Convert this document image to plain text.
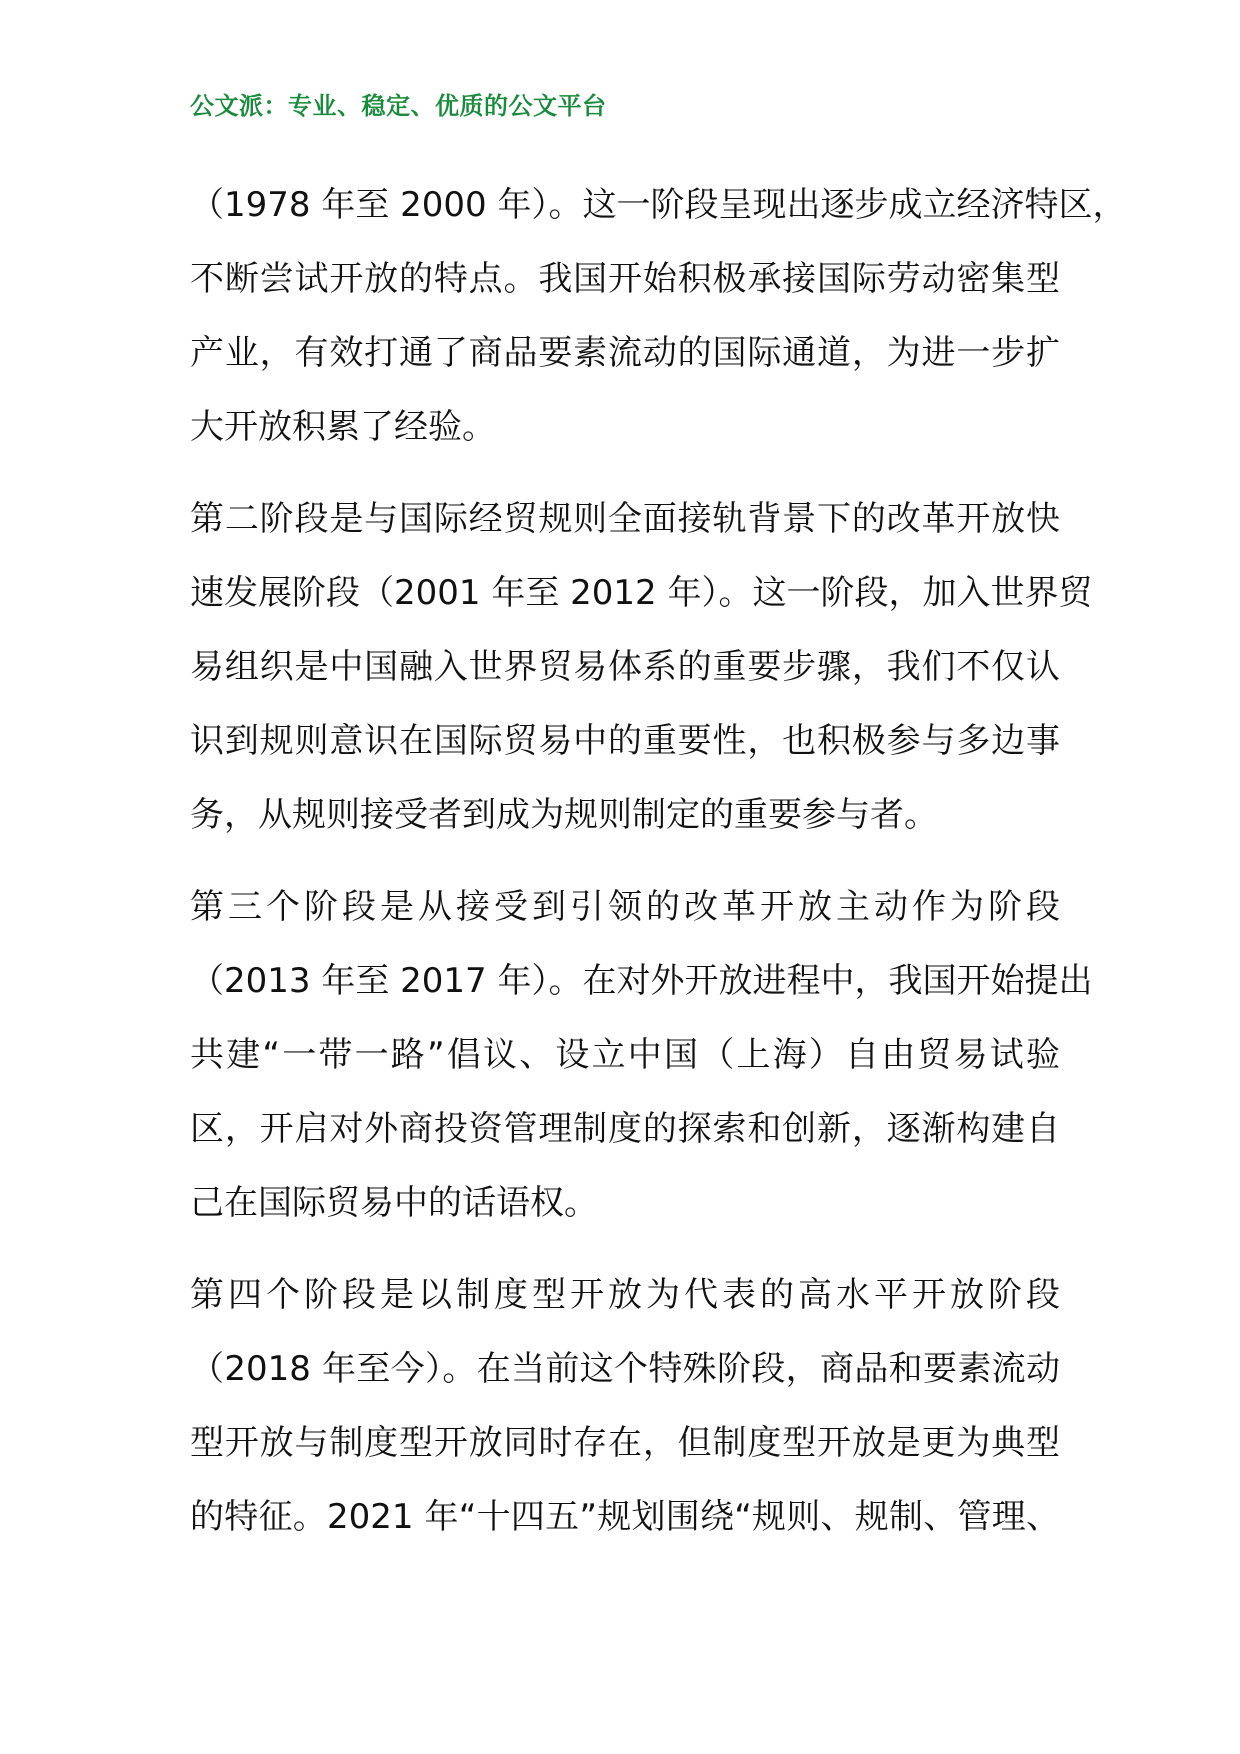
公文派：专业、稳定、优质的公文平台
（1978 年至 2000 年）。这一阶段呈现出逐步成立经济特区，
不断尝试开放的特点。我国开始积极承接国际劳动密集型
产业，有效打通了商品要素流动的国际通道，为进一步扩
大开放积累了经验。
第二阶段是与国际经贸规则全面接轨背景下的改革开放快
速发展阶段（2001 年至 2012 年）。这一阶段，加入世界贸
易组织是中国融入世界贸易体系的重要步骤，我们不仅认
识到规则意识在国际贸易中的重要性，也积极参与多边事
务，从规则接受者到成为规则制定的重要参与者。
第三个阶段是从接受到引领的改革开放主动作为阶段
（2013 年至 2017 年）。在对外开放进程中，我国开始提出
共建“一带一路”倡议、设立中国（上海）自由贸易试验
区，开启对外商投资管理制度的探索和创新，逐渐构建自
己在国际贸易中的话语权。
第四个阶段是以制度型开放为代表的高水平开放阶段
（2018 年至今）。在当前这个特殊阶段，商品和要素流动
型开放与制度型开放同时存在，但制度型开放是更为典型
的特征。2021 年“十四五”规划围绕“规则、规制、管理、
